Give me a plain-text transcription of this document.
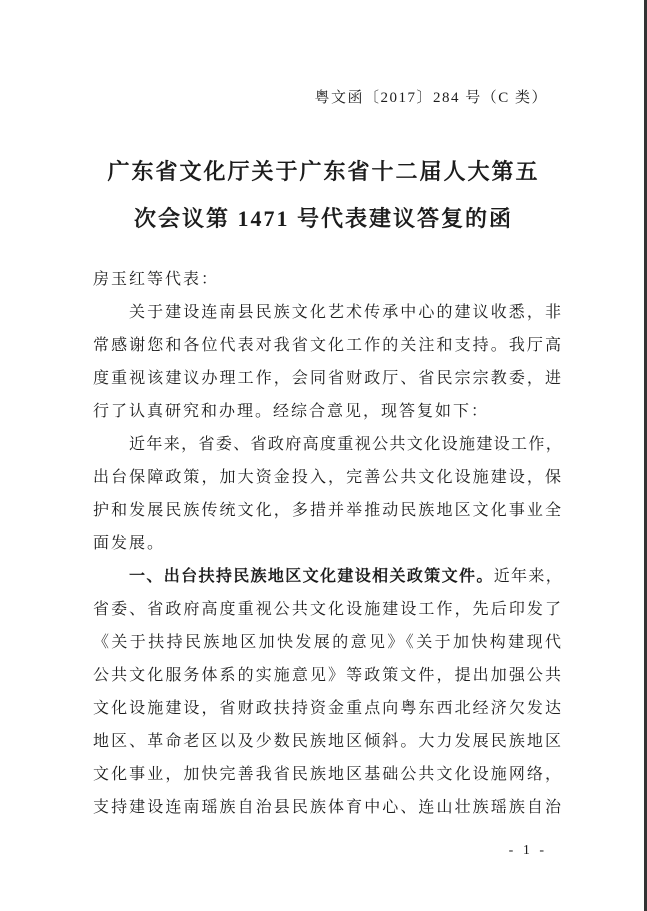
粤文函〔2017〕284 号（C 类）
广东省文化厅关于广东省十二届人大第五
次会议第 1471 号代表建议答复的函
房玉红等代表：
关于建设连南县民族文化艺术传承中心的建议收悉，非
常感谢您和各位代表对我省文化工作的关注和支持。我厅高
度重视该建议办理工作，会同省财政厅、省民宗宗教委，进
行了认真研究和办理。经综合意见，现答复如下：
近年来，省委、省政府高度重视公共文化设施建设工作，
出台保障政策，加大资金投入，完善公共文化设施建设，保
护和发展民族传统文化，多措并举推动民族地区文化事业全
面发展。
一、出台扶持民族地区文化建设相关政策文件。近年来，
省委、省政府高度重视公共文化设施建设工作，先后印发了
《关于扶持民族地区加快发展的意见》《关于加快构建现代
公共文化服务体系的实施意见》等政策文件，提出加强公共
文化设施建设，省财政扶持资金重点向粤东西北经济欠发达
地区、革命老区以及少数民族地区倾斜。大力发展民族地区
文化事业，加快完善我省民族地区基础公共文化设施网络，
支持建设连南瑶族自治县民族体育中心、连山壮族瑶族自治
- 1 -
